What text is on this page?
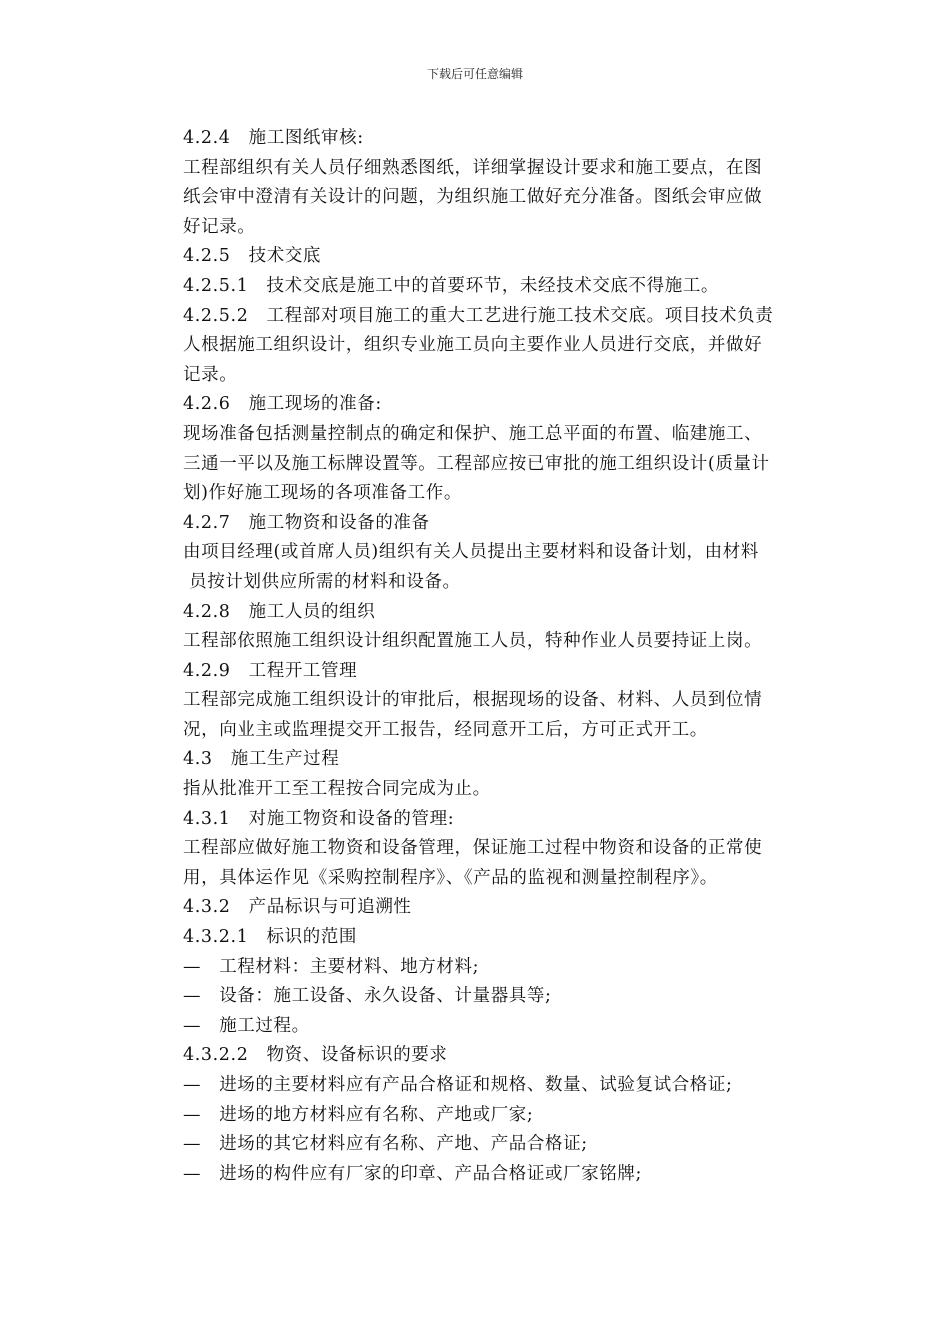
下载后可任意编辑
4.2.4　施工图纸审核:
工程部组织有关人员仔细熟悉图纸，详细掌握设计要求和施工要点，在图
纸会审中澄清有关设计的问题，为组织施工做好充分准备。图纸会审应做
好记录。
4.2.5　技术交底
4.2.5.1　技术交底是施工中的首要环节，未经技术交底不得施工。
4.2.5.2　工程部对项目施工的重大工艺进行施工技术交底。项目技术负责
人根据施工组织设计，组织专业施工员向主要作业人员进行交底，并做好
记录。
4.2.6　施工现场的准备:
现场准备包括测量控制点的确定和保护、施工总平面的布置、临建施工、
三通一平以及施工标牌设置等。工程部应按已审批的施工组织设计(质量计
划)作好施工现场的各项准备工作。
4.2.7　施工物资和设备的准备
由项目经理(或首席人员)组织有关人员提出主要材料和设备计划，由材料
员按计划供应所需的材料和设备。
4.2.8　施工人员的组织
工程部依照施工组织设计组织配置施工人员，特种作业人员要持证上岗。
4.2.9　工程开工管理
工程部完成施工组织设计的审批后，根据现场的设备、材料、人员到位情
况，向业主或监理提交开工报告，经同意开工后，方可正式开工。
4.3　施工生产过程
指从批准开工至工程按合同完成为止。
4.3.1　对施工物资和设备的管理:
工程部应做好施工物资和设备管理，保证施工过程中物资和设备的正常使
用，具体运作见《采购控制程序》、《产品的监视和测量控制程序》。
4.3.2　产品标识与可追溯性
4.3.2.1　标识的范围
—　工程材料：主要材料、地方材料;
—　设备：施工设备、永久设备、计量器具等;
—　施工过程。
4.3.2.2　物资、设备标识的要求
—　进场的主要材料应有产品合格证和规格、数量、试验复试合格证;
—　进场的地方材料应有名称、产地或厂家;
—　进场的其它材料应有名称、产地、产品合格证;
—　进场的构件应有厂家的印章、产品合格证或厂家铭牌;
